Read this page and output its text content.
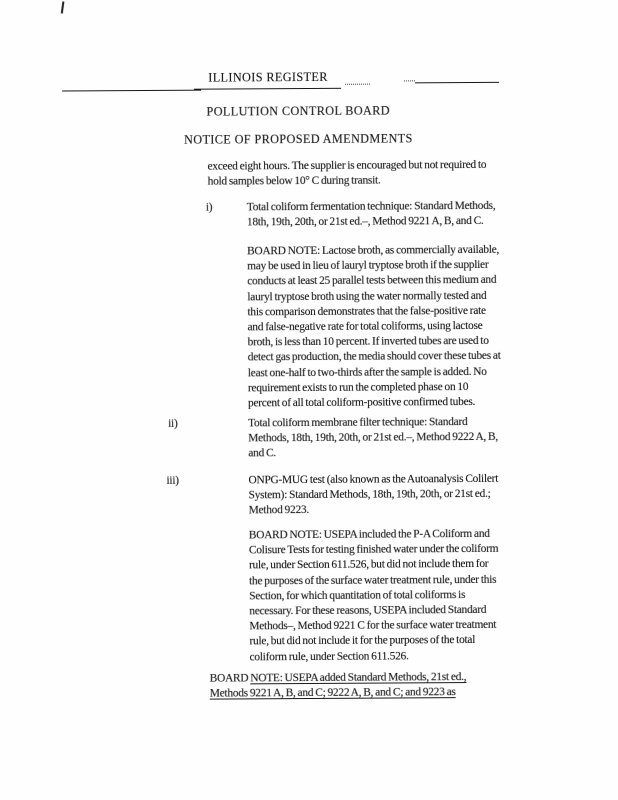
ILLINOIS REGISTER
POLLUTION CONTROL BOARD
NOTICE OF PROPOSED AMENDMENTS
exceed eight hours. The supplier is encouraged but not required to
hold samples below 10° C during transit.
i)	Total coliform fermentation technique: Standard Methods,
18th, 19th, 20th, or 21st ed.–, Method 9221 A, B, and C.
BOARD NOTE: Lactose broth, as commercially available,
may be used in lieu of lauryl tryptose broth if the supplier
conducts at least 25 parallel tests between this medium and
lauryl tryptose broth using the water normally tested and
this comparison demonstrates that the false-positive rate
and false-negative rate for total coliforms, using lactose
broth, is less than 10 percent. If inverted tubes are used to
detect gas production, the media should cover these tubes at
least one-half to two-thirds after the sample is added. No
requirement exists to run the completed phase on 10
percent of all total coliform-positive confirmed tubes.
ii)	Total coliform membrane filter technique: Standard
Methods, 18th, 19th, 20th, or 21st ed.–, Method 9222 A, B,
and C.
iii)	ONPG-MUG test (also known as the Autoanalysis Colilert
System): Standard Methods, 18th, 19th, 20th, or 21st ed.;
Method 9223.
BOARD NOTE: USEPA included the P-A Coliform and
Colisure Tests for testing finished water under the coliform
rule, under Section 611.526, but did not include them for
the purposes of the surface water treatment rule, under this
Section, for which quantitation of total coliforms is
necessary. For these reasons, USEPA included Standard
Methods–, Method 9221 C for the surface water treatment
rule, but did not include it for the purposes of the total
coliform rule, under Section 611.526.
BOARD NOTE: USEPA added Standard Methods, 21st ed.,
Methods 9221 A, B, and C; 9222 A, B, and C; and 9223 as
